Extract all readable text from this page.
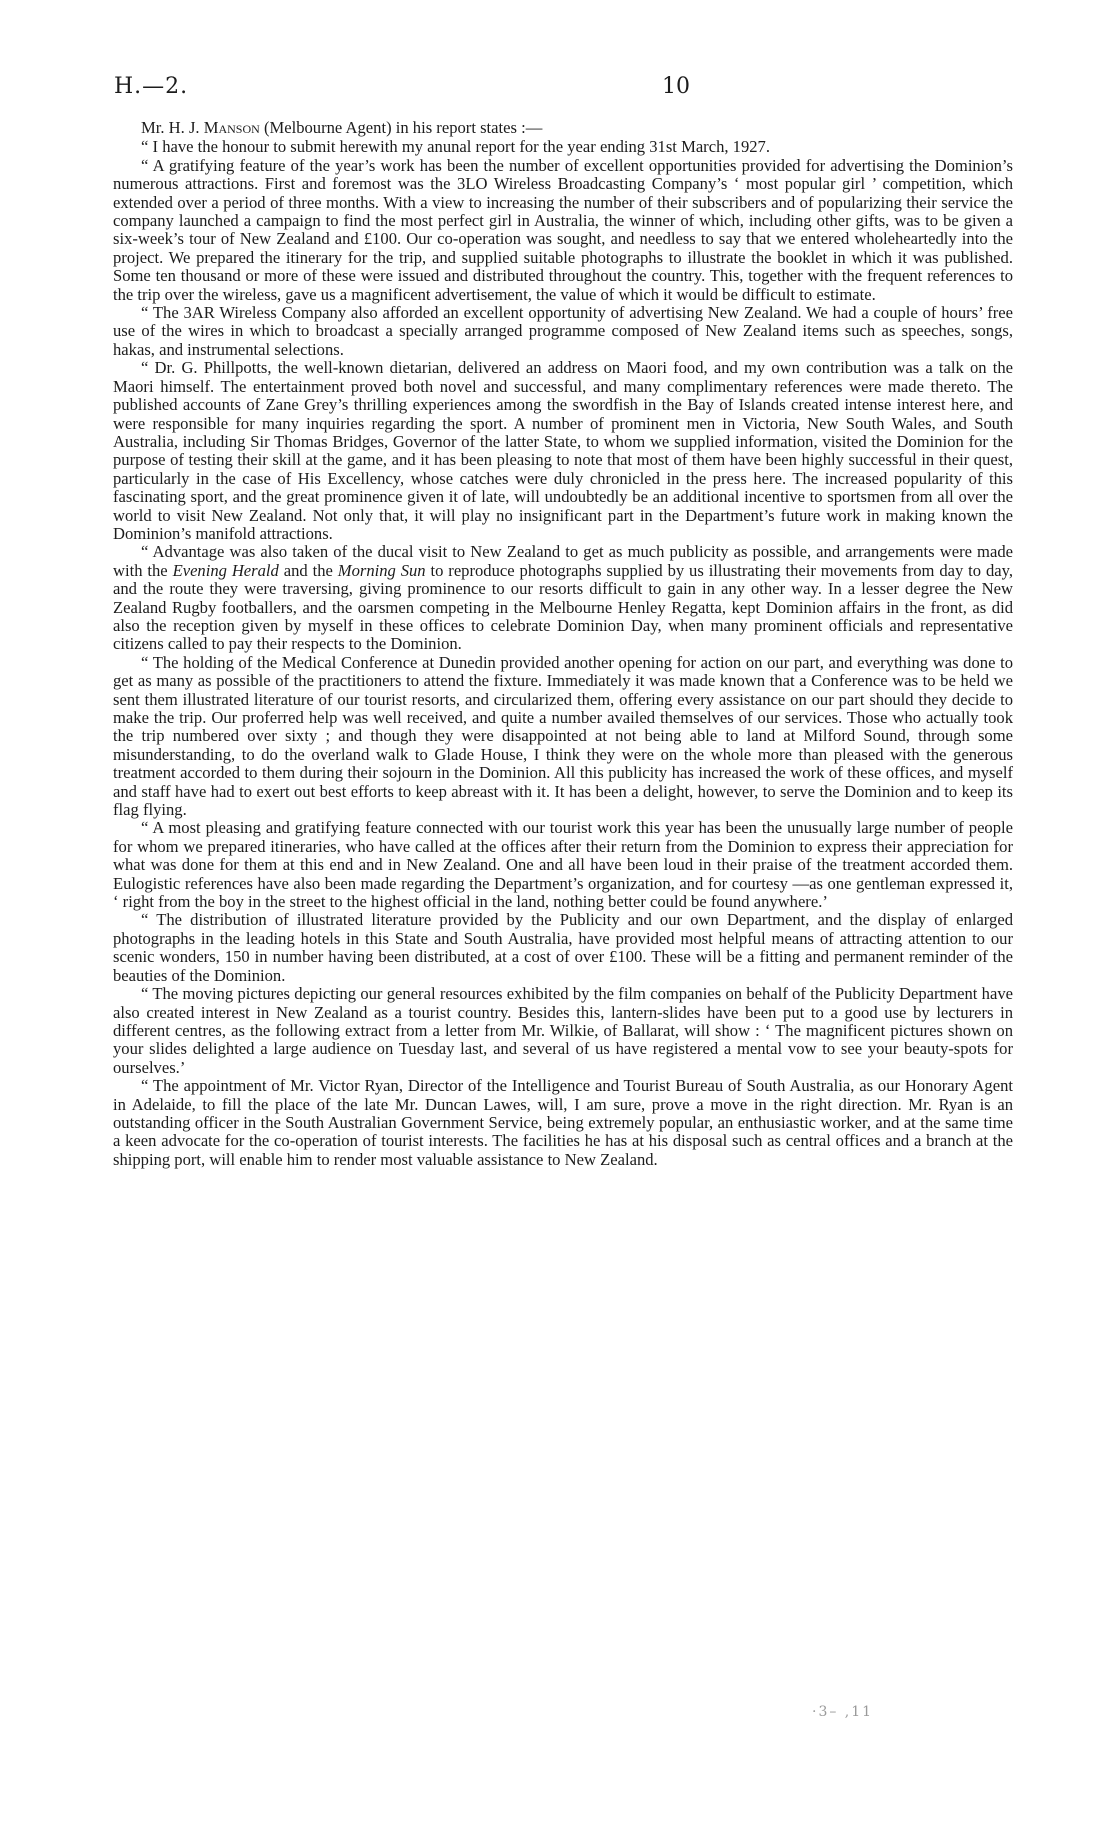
H.—2.	10

Mr. H. J. Manson (Melbourne Agent) in his report states :—

“ I have the honour to submit herewith my anunal report for the year ending 31st March, 1927.

“ A gratifying feature of the year’s work has been the number of excellent opportunities provided for advertising the Dominion’s numerous attractions. First and foremost was the 3LO Wireless Broadcasting Company’s ‘ most popular girl ’ competition, which extended over a period of three months. With a view to increasing the number of their subscribers and of popularizing their service the company launched a campaign to find the most perfect girl in Australia, the winner of which, including other gifts, was to be given a six-week’s tour of New Zealand and £100. Our co-operation was sought, and needless to say that we entered wholeheartedly into the project. We prepared the itinerary for the trip, and supplied suitable photographs to illustrate the booklet in which it was published. Some ten thousand or more of these were issued and distributed throughout the country. This, together with the frequent references to the trip over the wireless, gave us a magnificent advertisement, the value of which it would be difficult to estimate.

“ The 3AR Wireless Company also afforded an excellent opportunity of advertising New Zealand. We had a couple of hours’ free use of the wires in which to broadcast a specially arranged programme composed of New Zealand items such as speeches, songs, hakas, and instrumental selections.

“ Dr. G. Phillpotts, the well-known dietarian, delivered an address on Maori food, and my own contribution was a talk on the Maori himself. The entertainment proved both novel and successful, and many complimentary references were made thereto. The published accounts of Zane Grey’s thrilling experiences among the swordfish in the Bay of Islands created intense interest here, and were responsible for many inquiries regarding the sport. A number of prominent men in Victoria, New South Wales, and South Australia, including Sir Thomas Bridges, Governor of the latter State, to whom we supplied information, visited the Dominion for the purpose of testing their skill at the game, and it has been pleasing to note that most of them have been highly successful in their quest, particularly in the case of His Excellency, whose catches were duly chronicled in the press here. The increased popularity of this fascinating sport, and the great prominence given it of late, will undoubtedly be an additional incentive to sportsmen from all over the world to visit New Zealand. Not only that, it will play no insignificant part in the Department’s future work in making known the Dominion’s manifold attractions.

“ Advantage was also taken of the ducal visit to New Zealand to get as much publicity as possible, and arrangements were made with the Evening Herald and the Morning Sun to reproduce photographs supplied by us illustrating their movements from day to day, and the route they were traversing, giving prominence to our resorts difficult to gain in any other way. In a lesser degree the New Zealand Rugby footballers, and the oarsmen competing in the Melbourne Henley Regatta, kept Dominion affairs in the front, as did also the reception given by myself in these offices to celebrate Dominion Day, when many prominent officials and representative citizens called to pay their respects to the Dominion.

“ The holding of the Medical Conference at Dunedin provided another opening for action on our part, and everything was done to get as many as possible of the practitioners to attend the fixture. Immediately it was made known that a Conference was to be held we sent them illustrated literature of our tourist resorts, and circularized them, offering every assistance on our part should they decide to make the trip. Our proferred help was well received, and quite a number availed themselves of our services. Those who actually took the trip numbered over sixty ; and though they were disappointed at not being able to land at Milford Sound, through some misunderstanding, to do the overland walk to Glade House, I think they were on the whole more than pleased with the generous treatment accorded to them during their sojourn in the Dominion. All this publicity has increased the work of these offices, and myself and staff have had to exert out best efforts to keep abreast with it. It has been a delight, however, to serve the Dominion and to keep its flag flying.

“ A most pleasing and gratifying feature connected with our tourist work this year has been the unusually large number of people for whom we prepared itineraries, who have called at the offices after their return from the Dominion to express their appreciation for what was done for them at this end and in New Zealand. One and all have been loud in their praise of the treatment accorded them. Eulogistic references have also been made regarding the Department’s organization, and for courtesy —as one gentleman expressed it, ‘ right from the boy in the street to the highest official in the land, nothing better could be found anywhere.’

“ The distribution of illustrated literature provided by the Publicity and our own Department, and the display of enlarged photographs in the leading hotels in this State and South Australia, have provided most helpful means of attracting attention to our scenic wonders, 150 in number having been distributed, at a cost of over £100. These will be a fitting and permanent reminder of the beauties of the Dominion.

“ The moving pictures depicting our general resources exhibited by the film companies on behalf of the Publicity Department have also created interest in New Zealand as a tourist country. Besides this, lantern-slides have been put to a good use by lecturers in different centres, as the following extract from a letter from Mr. Wilkie, of Ballarat, will show : ‘ The magnificent pictures shown on your slides delighted a large audience on Tuesday last, and several of us have registered a mental vow to see your beauty-spots for ourselves.’

“ The appointment of Mr. Victor Ryan, Director of the Intelligence and Tourist Bureau of South Australia, as our Honorary Agent in Adelaide, to fill the place of the late Mr. Duncan Lawes, will, I am sure, prove a move in the right direction. Mr. Ryan is an outstanding officer in the South Australian Government Service, being extremely popular, an enthusiastic worker, and at the same time a keen advocate for the co-operation of tourist interests. The facilities he has at his disposal such as central offices and a branch at the shipping port, will enable him to render most valuable assistance to New Zealand.

·3– ,11
